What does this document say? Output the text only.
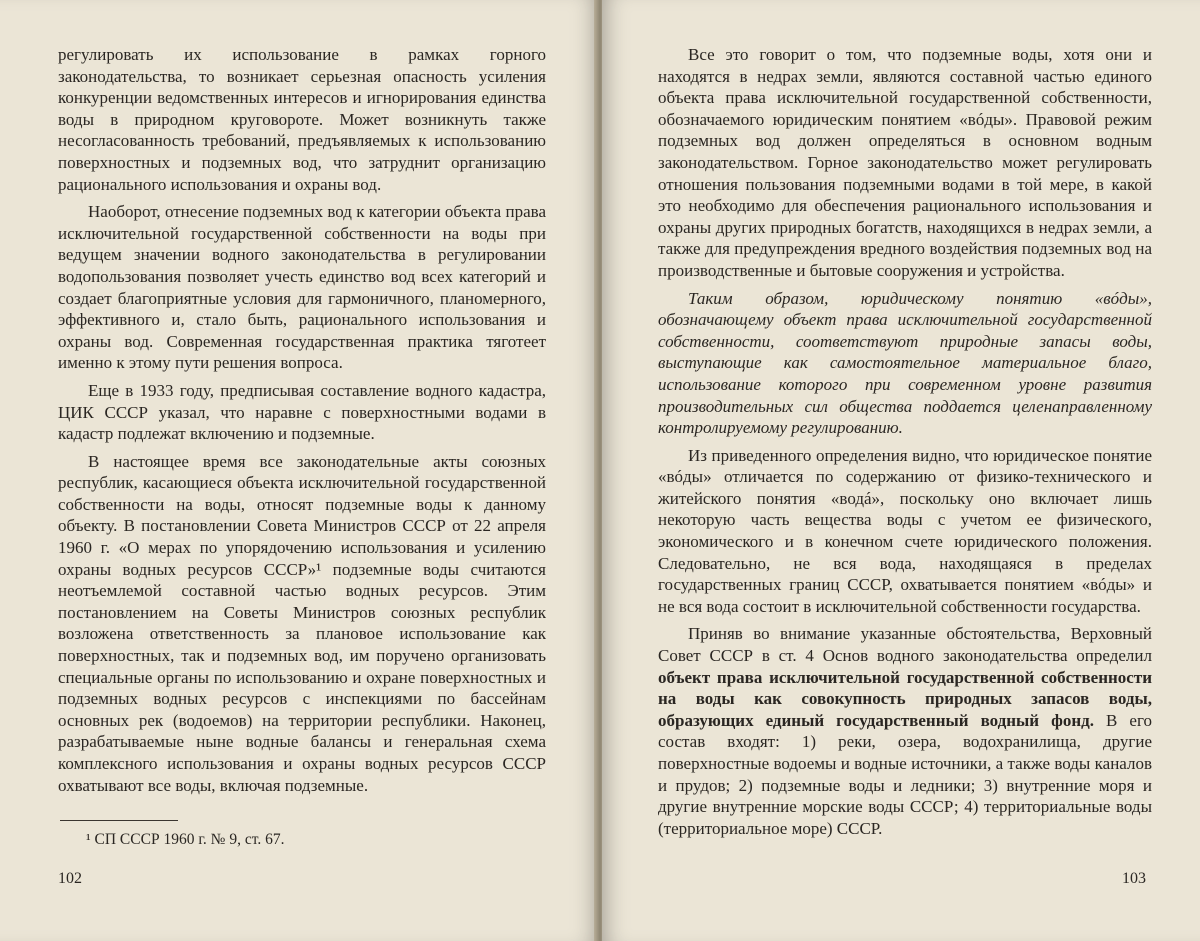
регулировать их использование в рамках горного законодательства, то возникает серьезная опасность усиления конкуренции ведомственных интересов и игнорирования единства воды в природном круговороте. Может возникнуть также несогласованность требований, предъявляемых к использованию поверхностных и подземных вод, что затруднит организацию рационального использования и охраны вод.

Наоборот, отнесение подземных вод к категории объекта права исключительной государственной собственности на воды при ведущем значении водного законодательства в регулировании водопользования позволяет учесть единство вод всех категорий и создает благоприятные условия для гармоничного, планомерного, эффективного и, стало быть, рационального использования и охраны вод. Современная государственная практика тяготеет именно к этому пути решения вопроса.

Еще в 1933 году, предписывая составление водного кадастра, ЦИК СССР указал, что наравне с поверхностными водами в кадастр подлежат включению и подземные.

В настоящее время все законодательные акты союзных республик, касающиеся объекта исключительной государственной собственности на воды, относят подземные воды к данному объекту. В постановлении Совета Министров СССР от 22 апреля 1960 г. «О мерах по упорядочению использования и усилению охраны водных ресурсов СССР»¹ подземные воды считаются неотъемлемой составной частью водных ресурсов. Этим постановлением на Советы Министров союзных республик возложена ответственность за плановое использование как поверхностных, так и подземных вод, им поручено организовать специальные органы по использованию и охране поверхностных и подземных водных ресурсов с инспекциями по бассейнам основных рек (водоемов) на территории республики. Наконец, разрабатываемые ныне водные балансы и генеральная схема комплексного использования и охраны водных ресурсов СССР охватывают все воды, включая подземные.

¹ СП СССР 1960 г. № 9, ст. 67.
102

Все это говорит о том, что подземные воды, хотя они и находятся в недрах земли, являются составной частью единого объекта права исключительной государственной собственности, обозначаемого юридическим понятием «вóды». Правовой режим подземных вод должен определяться в основном водным законодательством. Горное законодательство может регулировать отношения пользования подземными водами в той мере, в какой это необходимо для обеспечения рационального использования и охраны других природных богатств, находящихся в недрах земли, а также для предупреждения вредного воздействия подземных вод на производственные и бытовые сооружения и устройства.

Таким образом, юридическому понятию «вóды», обозначающему объект права исключительной государственной собственности, соответствуют природные запасы воды, выступающие как самостоятельное материальное благо, использование которого при современном уровне развития производительных сил общества поддается целенаправленному контролируемому регулированию.

Из приведенного определения видно, что юридическое понятие «вóды» отличается по содержанию от физико-технического и житейского понятия «водá», поскольку оно включает лишь некоторую часть вещества воды с учетом ее физического, экономического и в конечном счете юридического положения. Следовательно, не вся вода, находящаяся в пределах государственных границ СССР, охватывается понятием «вóды» и не вся вода состоит в исключительной собственности государства.

Приняв во внимание указанные обстоятельства, Верховный Совет СССР в ст. 4 Основ водного законодательства определил объект права исключительной государственной собственности на воды как совокупность природных запасов воды, образующих единый государственный водный фонд. В его состав входят: 1) реки, озера, водохранилища, другие поверхностные водоемы и водные источники, а также воды каналов и прудов; 2) подземные воды и ледники; 3) внутренние моря и другие внутренние морские воды СССР; 4) территориальные воды (территориальное море) СССР.

103
